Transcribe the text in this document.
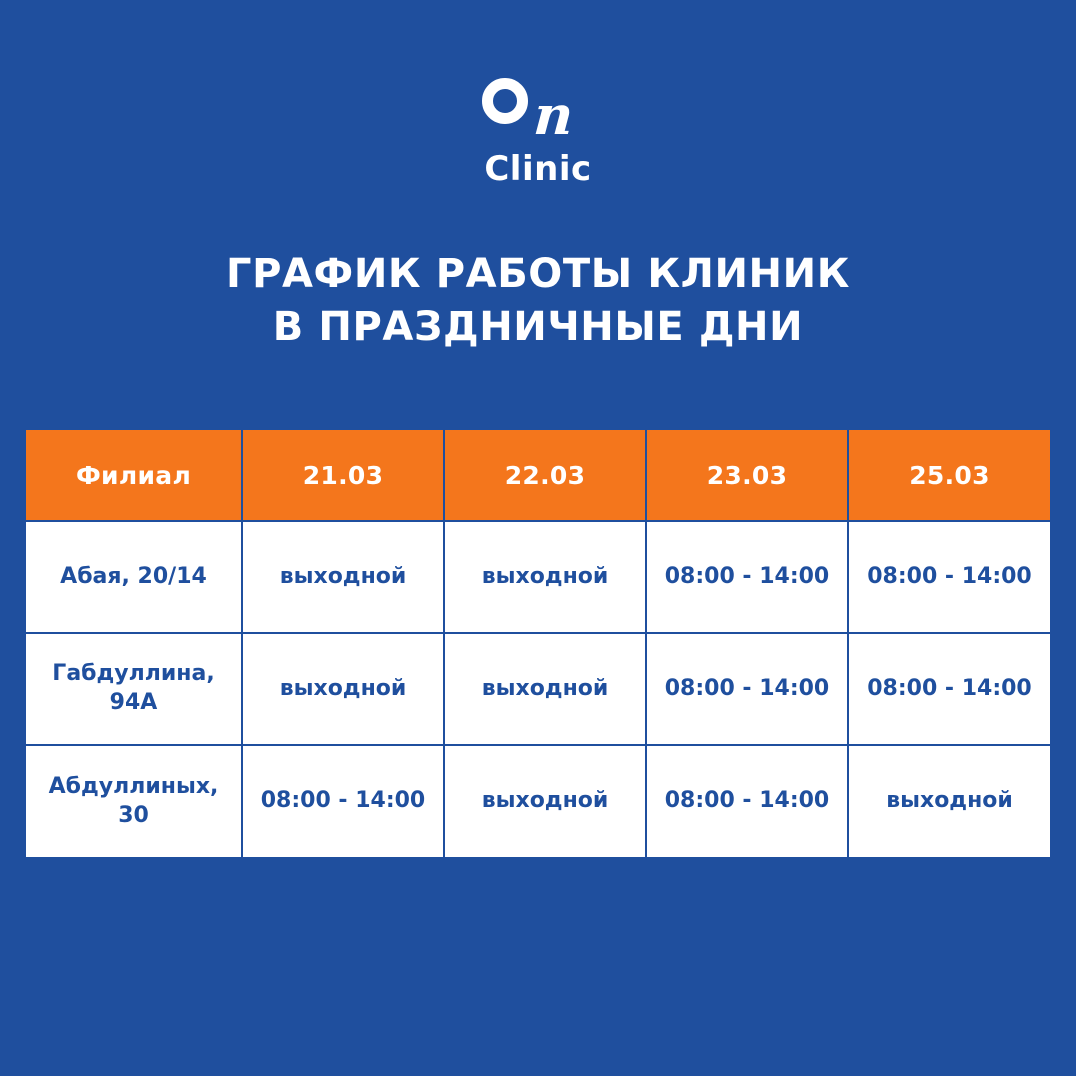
n
Clinic
ГРАФИК РАБОТЫ КЛИНИК
В ПРАЗДНИЧНЫЕ ДНИ
Филиал	21.03	22.03	23.03	25.03
Абая, 20/14	выходной	выходной	08:00 - 14:00	08:00 - 14:00
Габдуллина, 94А	выходной	выходной	08:00 - 14:00	08:00 - 14:00
Абдуллиных, 30	08:00 - 14:00	выходной	08:00 - 14:00	выходной
